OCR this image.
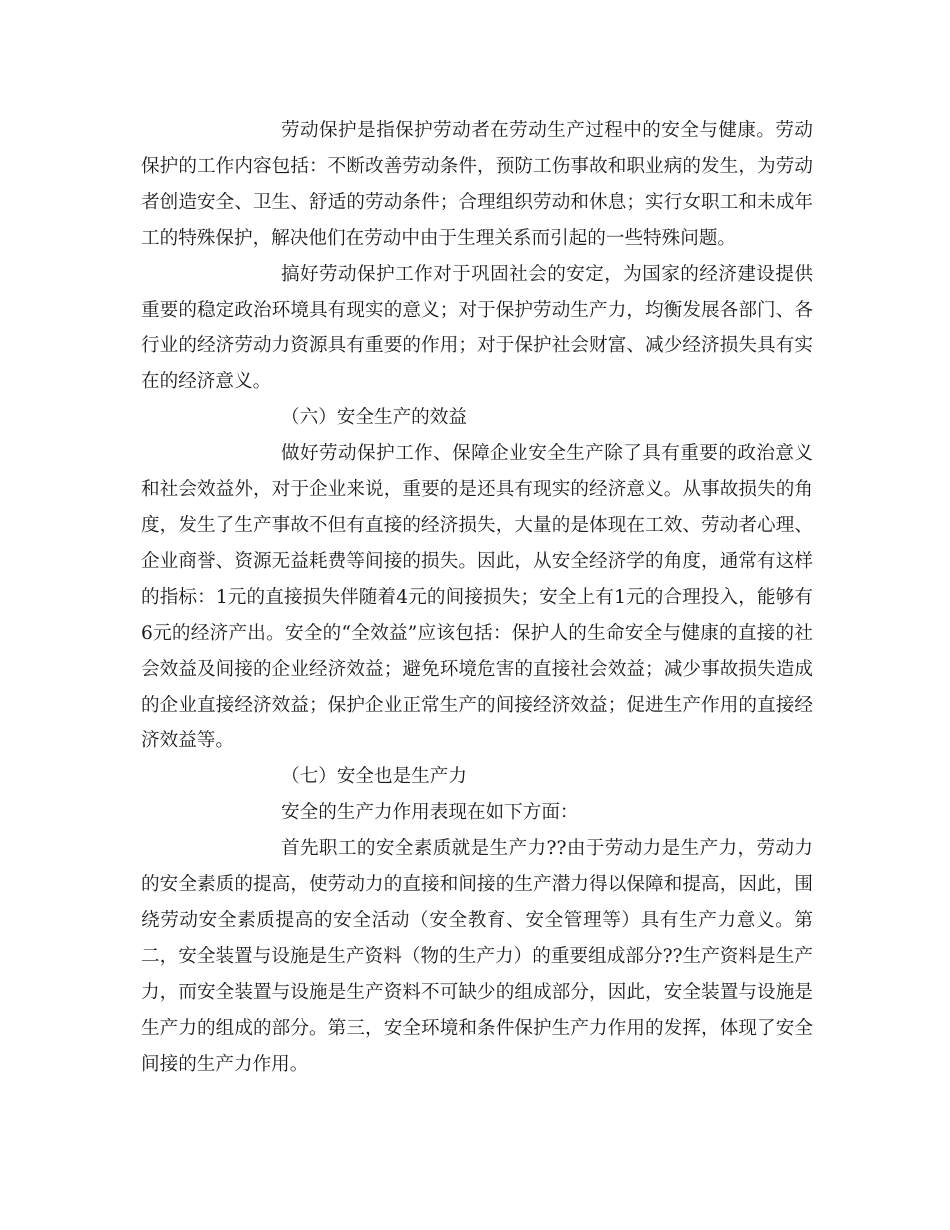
劳动保护是指保护劳动者在劳动生产过程中的安全与健康。劳动保护的工作内容包括：不断改善劳动条件，预防工伤事故和职业病的发生，为劳动者创造安全、卫生、舒适的劳动条件；合理组织劳动和休息；实行女职工和未成年工的特殊保护，解决他们在劳动中由于生理关系而引起的一些特殊问题。

搞好劳动保护工作对于巩固社会的安定，为国家的经济建设提供重要的稳定政治环境具有现实的意义；对于保护劳动生产力，均衡发展各部门、各行业的经济劳动力资源具有重要的作用；对于保护社会财富、减少经济损失具有实在的经济意义。

（六）安全生产的效益

做好劳动保护工作、保障企业安全生产除了具有重要的政治意义和社会效益外，对于企业来说，重要的是还具有现实的经济意义。从事故损失的角度，发生了生产事故不但有直接的经济损失，大量的是体现在工效、劳动者心理、企业商誉、资源无益耗费等间接的损失。因此，从安全经济学的角度，通常有这样的指标：1元的直接损失伴随着4元的间接损失；安全上有1元的合理投入，能够有6元的经济产出。安全的“全效益”应该包括：保护人的生命安全与健康的直接的社会效益及间接的企业经济效益；避免环境危害的直接社会效益；减少事故损失造成的企业直接经济效益；保护企业正常生产的间接经济效益；促进生产作用的直接经济效益等。

（七）安全也是生产力

安全的生产力作用表现在如下方面：

首先职工的安全素质就是生产力??由于劳动力是生产力，劳动力的安全素质的提高，使劳动力的直接和间接的生产潜力得以保障和提高，因此，围绕劳动安全素质提高的安全活动（安全教育、安全管理等）具有生产力意义。第二，安全装置与设施是生产资料（物的生产力）的重要组成部分??生产资料是生产力，而安全装置与设施是生产资料不可缺少的组成部分，因此，安全装置与设施是生产力的组成的部分。第三，安全环境和条件保护生产力作用的发挥，体现了安全间接的生产力作用。
